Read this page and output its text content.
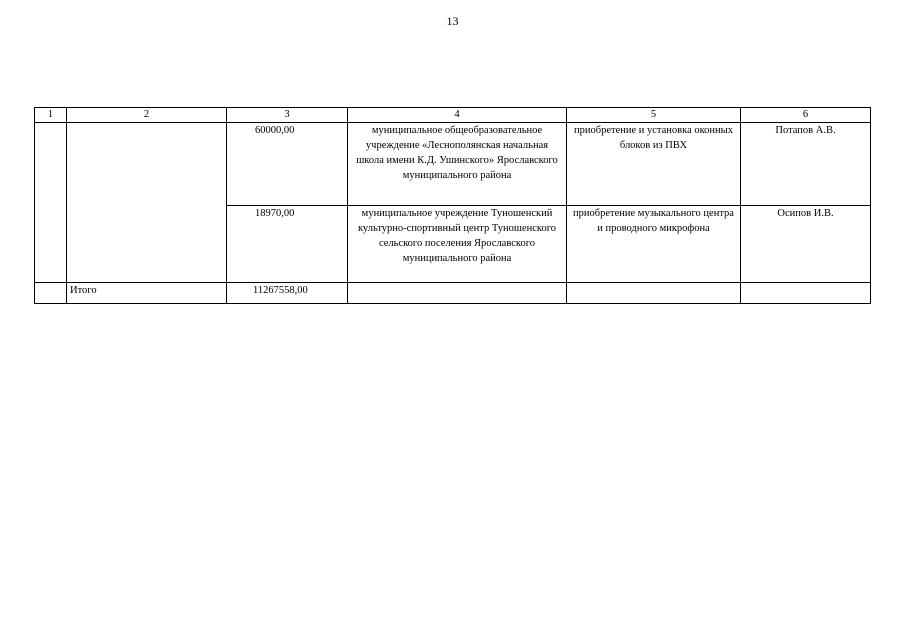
13
1	2	3	4	5	6
		60000,00	муниципальное общеобразовательное учреждение «Леснополянская начальная школа имени К.Д. Ушинского» Ярославского муниципального района	приобретение и установка оконных блоков из ПВХ	Потапов А.В.
		18970,00	муниципальное учреждение Туношенский культурно-спортивный центр Туношенского сельского поселения Ярославского муниципального района	приобретение музыкального центра и проводного микрофона	Осипов И.В.
	Итого	11267558,00			
